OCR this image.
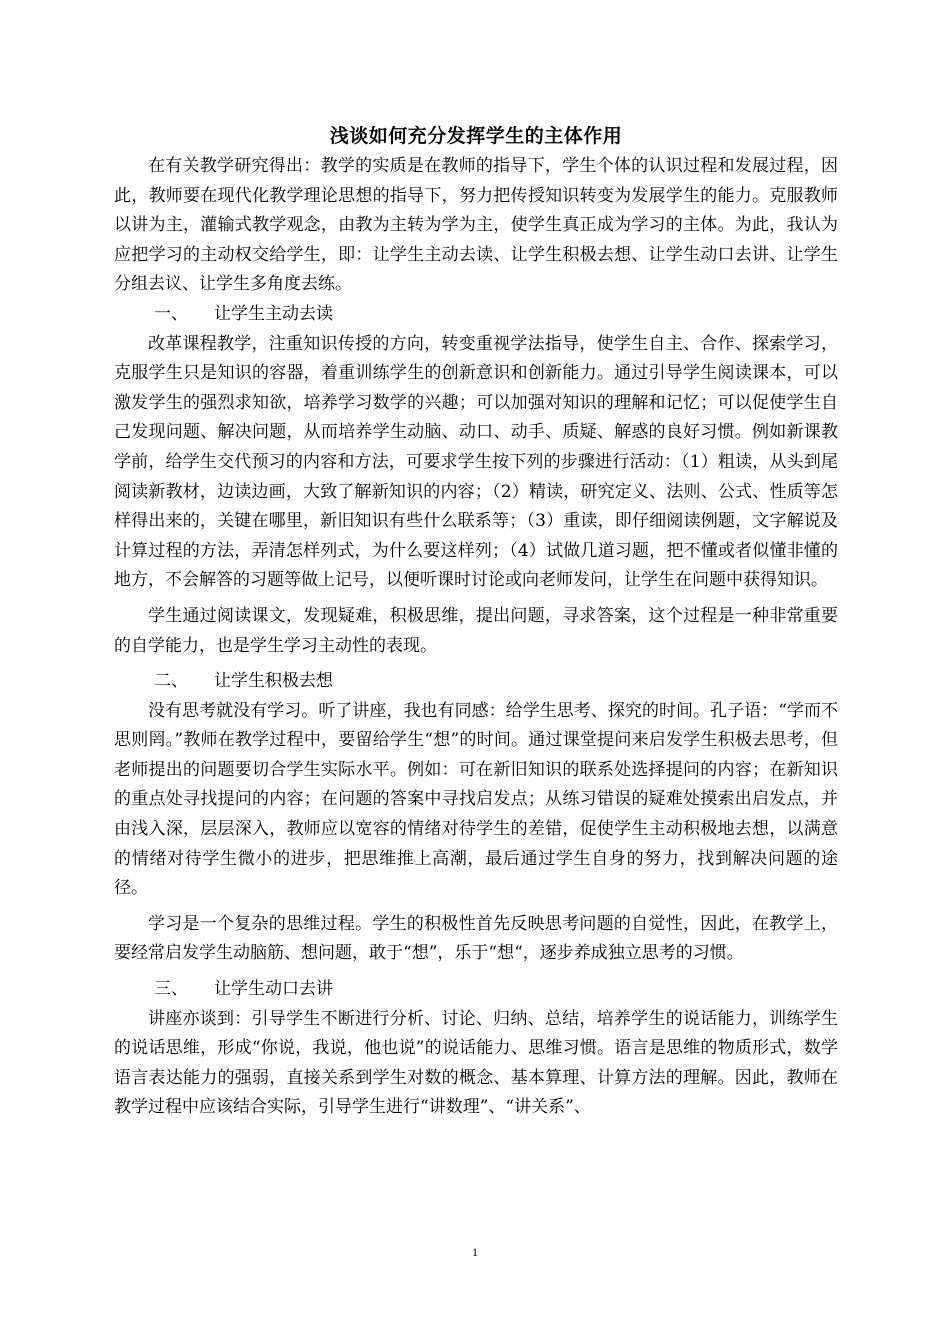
浅谈如何充分发挥学生的主体作用

在有关教学研究得出：教学的实质是在教师的指导下，学生个体的认识过程和发展过程，因此，教师要在现代化教学理论思想的指导下，努力把传授知识转变为发展学生的能力。克服教师以讲为主，灌输式教学观念，由教为主转为学为主，使学生真正成为学习的主体。为此，我认为应把学习的主动权交给学生，即：让学生主动去读、让学生积极去想、让学生动口去讲、让学生分组去议、让学生多角度去练。

一、 让学生主动去读

改革课程教学，注重知识传授的方向，转变重视学法指导，使学生自主、合作、探索学习，克服学生只是知识的容器，着重训练学生的创新意识和创新能力。通过引导学生阅读课本，可以激发学生的强烈求知欲，培养学习数学的兴趣；可以加强对知识的理解和记忆；可以促使学生自己发现问题、解决问题，从而培养学生动脑、动口、动手、质疑、解惑的良好习惯。例如新课教学前，给学生交代预习的内容和方法，可要求学生按下列的步骤进行活动：（1）粗读，从头到尾阅读新教材，边读边画，大致了解新知识的内容；（2）精读，研究定义、法则、公式、性质等怎样得出来的，关键在哪里，新旧知识有些什么联系等；（3）重读，即仔细阅读例题，文字解说及计算过程的方法，弄清怎样列式，为什么要这样列；（4）试做几道习题，把不懂或者似懂非懂的地方，不会解答的习题等做上记号，以便听课时讨论或向老师发问，让学生在问题中获得知识。

学生通过阅读课文，发现疑难，积极思维，提出问题，寻求答案，这个过程是一种非常重要的自学能力，也是学生学习主动性的表现。

二、 让学生积极去想

没有思考就没有学习。听了讲座，我也有同感：给学生思考、探究的时间。孔子语：“学而不思则罔。”教师在教学过程中，要留给学生“想”的时间。通过课堂提问来启发学生积极去思考，但老师提出的问题要切合学生实际水平。例如：可在新旧知识的联系处选择提问的内容；在新知识的重点处寻找提问的内容；在问题的答案中寻找启发点；从练习错误的疑难处摸索出启发点，并由浅入深，层层深入，教师应以宽容的情绪对待学生的差错，促使学生主动积极地去想，以满意的情绪对待学生微小的进步，把思维推上高潮，最后通过学生自身的努力，找到解决问题的途径。

学习是一个复杂的思维过程。学生的积极性首先反映思考问题的自觉性，因此，在教学上，要经常启发学生动脑筋、想问题，敢于“想”，乐于“想“，逐步养成独立思考的习惯。

三、 让学生动口去讲

讲座亦谈到：引导学生不断进行分析、讨论、归纳、总结，培养学生的说话能力，训练学生的说话思维，形成“你说，我说，他也说”的说话能力、思维习惯。语言是思维的物质形式，数学语言表达能力的强弱，直接关系到学生对数的概念、基本算理、计算方法的理解。因此，教师在教学过程中应该结合实际，引导学生进行“讲数理”、“讲关系”、

1
